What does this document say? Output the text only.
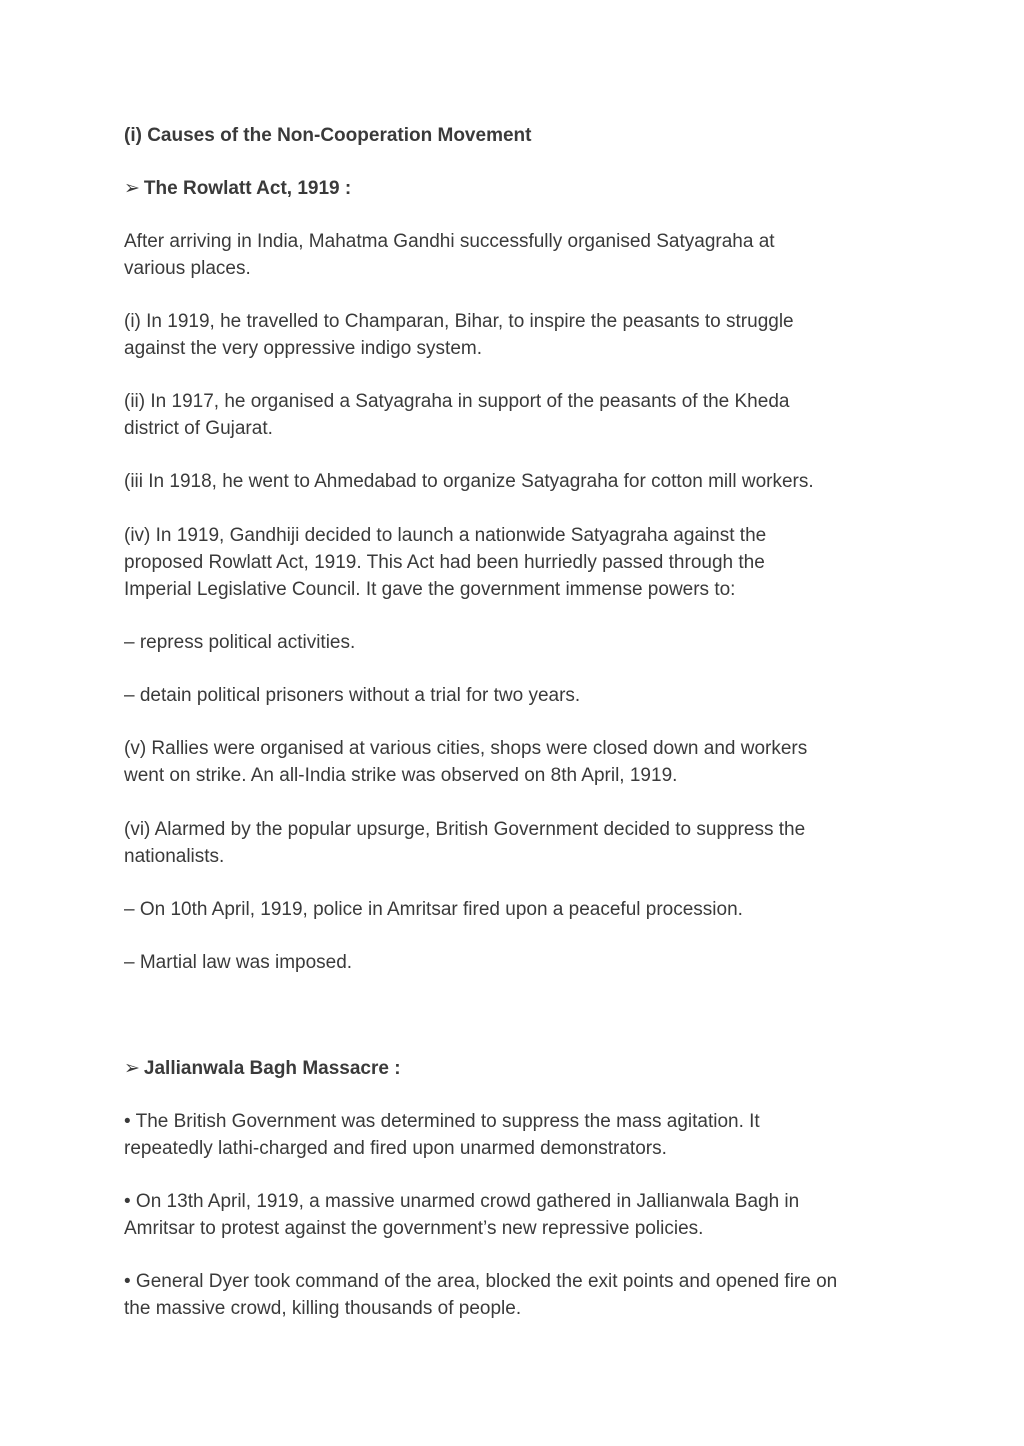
(i) Causes of the Non-Cooperation Movement
➢ The Rowlatt Act, 1919 :
After arriving in India, Mahatma Gandhi successfully organised Satyagraha at
various places.
(i) In 1919, he travelled to Champaran, Bihar, to inspire the peasants to struggle
against the very oppressive indigo system.
(ii) In 1917, he organised a Satyagraha in support of the peasants of the Kheda
district of Gujarat.
(iii In 1918, he went to Ahmedabad to organize Satyagraha for cotton mill workers.
(iv) In 1919, Gandhiji decided to launch a nationwide Satyagraha against the
proposed Rowlatt Act, 1919. This Act had been hurriedly passed through the
Imperial Legislative Council. It gave the government immense powers to:
– repress political activities.
– detain political prisoners without a trial for two years.
(v) Rallies were organised at various cities, shops were closed down and workers
went on strike. An all-India strike was observed on 8th April, 1919.
(vi) Alarmed by the popular upsurge, British Government decided to suppress the
nationalists.
– On 10th April, 1919, police in Amritsar fired upon a peaceful procession.
– Martial law was imposed.
➢ Jallianwala Bagh Massacre :
• The British Government was determined to suppress the mass agitation. It
repeatedly lathi-charged and fired upon unarmed demonstrators.
• On 13th April, 1919, a massive unarmed crowd gathered in Jallianwala Bagh in
Amritsar to protest against the government’s new repressive policies.
• General Dyer took command of the area, blocked the exit points and opened fire on
the massive crowd, killing thousands of people.
